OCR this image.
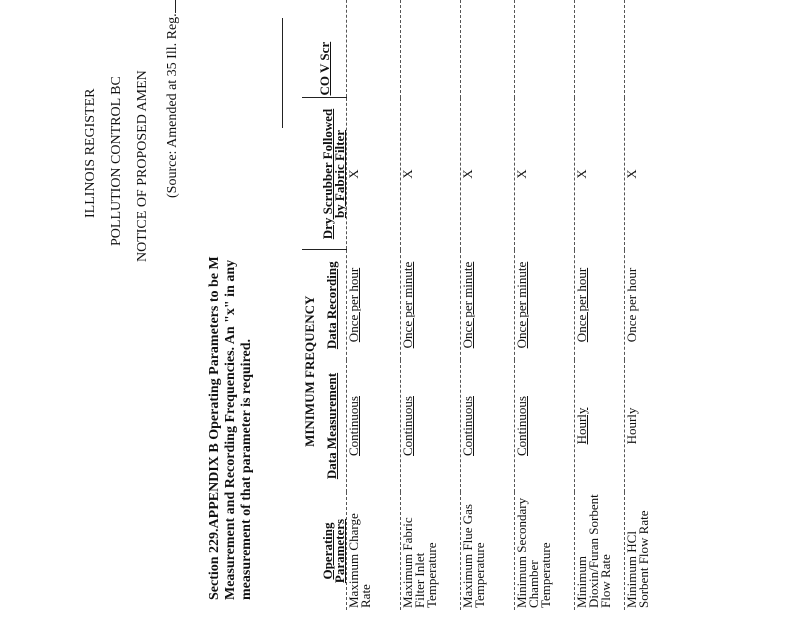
ILLINOIS REGISTER POLLUTION CONTROL BC NOTICE OF PROPOSED AMEN (Source: Amended at 35 Ill. Reg.
Section 229.APPENDIX B Operating Parameters to be M Measurement and Recording Frequencies. An "x" in any measurement of that parameter is required.	Operating Parameters	MINIMUM FREQUENCY		Dry Scrubber Followed by Fabric Filter	CO V Scr
	Data Measurement	Data Recording		
Maximum Charge Rate	Continuous	Once per hour	X	
Maximum Fabric Filter Inlet Temperature	Continuous	Once per minute	X	
Maximum Flue Gas Temperature	Continuous	Once per minute	X	
Minimum Secondary Chamber Temperature	Continuous	Once per minute	X	
Minimum Dioxin/Furan Sorbent Flow Rate	Hourly	Once per hour	X	
Minimum HCl Sorbent Flow Rate	Hourly	Once per hour	X	
